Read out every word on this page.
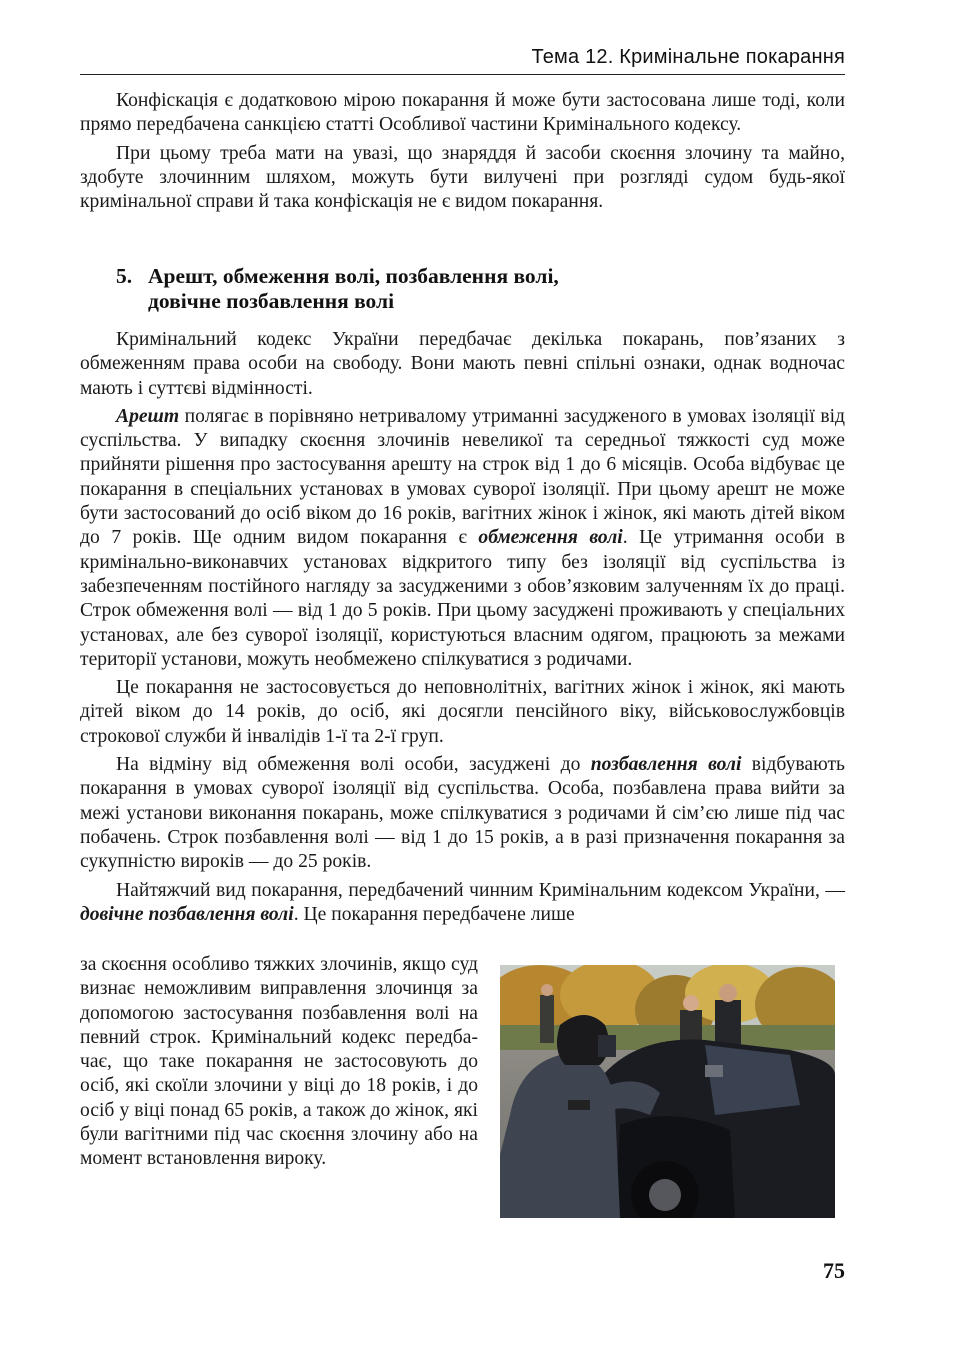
Тема 12. Кримінальне покарання

Конфіскація є додатковою мірою покарання й може бути застосована лише тоді, коли прямо передбачена санкцією статті Особливої частини Кримінального кодексу.

При цьому треба мати на увазі, що знаряддя й засоби скоєння злочину та майно, здобуте злочинним шляхом, можуть бути вилучені при розгляді судом будь-якої кримінальної справи й така конфіскація не є видом покарання.

5. Арешт, обмеження волі, позбавлення волі,
довічне позбавлення волі

Кримінальний кодекс України передбачає декілька покарань, пов’язаних з обмеженням права особи на свободу. Вони мають певні спільні ознаки, однак водночас мають і суттєві відмінності.

Арешт полягає в порівняно нетривалому утриманні засудженого в умовах ізоляції від суспільства. У випадку скоєння злочинів невеликої та середньої тяжкості суд може прийняти рішення про застосування арешту на строк від 1 до 6 місяців. Особа відбуває це покарання в спеціальних установах в умовах суворої ізоляції. При цьому арешт не може бути застосований до осіб віком до 16 років, вагітних жінок і жінок, які мають дітей віком до 7 років. Ще одним видом покарання є обмеження волі. Це утримання особи в кримінально-виконавчих установах відкритого типу без ізоляції від суспільства із забезпеченням постійного нагляду за засудженими з обов’язковим залученням їх до праці. Строк обмеження волі — від 1 до 5 років. При цьому засуджені проживають у спеціальних установах, але без суворої ізоляції, користуються власним одягом, працюють за межами території установи, можуть необмежено спілкуватися з родичами.

Це покарання не застосовується до неповнолітніх, вагітних жінок і жінок, які мають дітей віком до 14 років, до осіб, які досягли пенсійного віку, військовослужбовців строкової служби й інвалідів 1-ї та 2-ї груп.

На відміну від обмеження волі особи, засуджені до позбавлення волі відбувають покарання в умовах суворої ізоляції від суспільства. Особа, позбавлена права вийти за межі установи виконання покарань, може спілкуватися з родичами й сім’єю лише під час побачень. Строк позбавлення волі — від 1 до 15 років, а в разі призначення покарання за сукупністю вироків — до 25 років.

Найтяжчий вид покарання, передбачений чинним Кримінальним кодексом України, — довічне позбавлення волі. Це покарання передбачене лише

за скоєння особливо тяжких злочинів, якщо суд визнає неможливим виправлення злочинця за допомогою застосування позбавлення волі на певний строк. Кримінальний кодекс передбачає, що таке покарання не застосовують до осіб, які скоїли злочини у віці до 18 років, і до осіб у віці понад 65 років, а також до жінок, які були вагітними під час скоєння злочину або на момент встановлення вироку.

75
